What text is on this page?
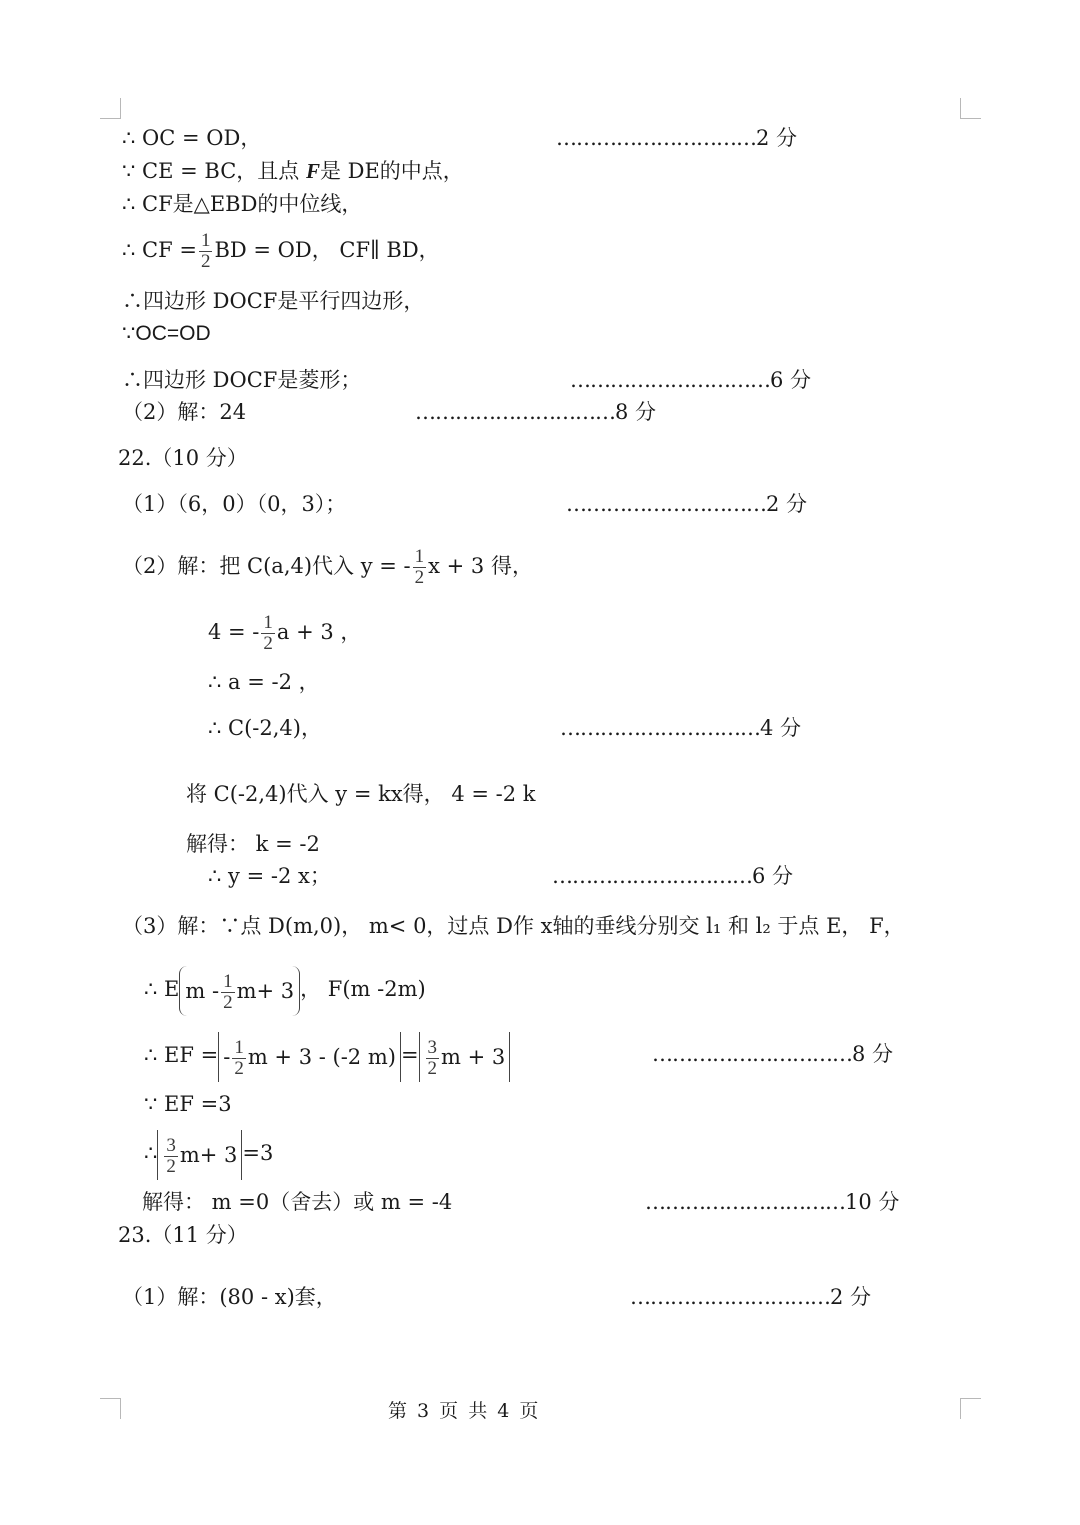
∴ OC = OD，
∵ CE = BC，且点 F是 DE的中点，
∴ CF是△EBD的中位线，
∴ CF = $\frac{1}{2}$ BD = OD， CF∥ BD，
∴四边形 DOCF是平行四边形，
∵OC=OD
∴四边形 DOCF是菱形；
（2）解：24
22.（10 分）
（1）（6，0）（0，3）；
（2）解：把 C(a,4)代入 y = - $\frac{1}{2}$ x + 3 得，
4 = - $\frac{1}{2}$ a + 3 ，
∴ a = -2 ，
∴ C(-2,4)，
将 C(-2,4)代入 y = kx得， 4 = -2 k
解得： k = -2
∴ y = -2 x；
（3）解：∵点 D(m,0)， m< 0，过点 D作 x轴的垂线分别交 l₁ 和 l₂ 于点 E， F，
∴ E $m - \frac{1}{2} m+ 3$ ， F(m -2m)
∴ EF = - $\frac{1}{2}$ m + 3 - (-2 $m) = \frac{3}{2}$ m + 3
∵ EF =3
∴ $\frac{3}{2} m+ 3 =3$
解得： m =0（舍去）或 m = -4
23.（11 分）
（1）解：(80 - x)套，
…………………………2 分
…………………………6 分
…………………………8 分
…………………………2 分
…………………………4 分
…………………………6 分
…………………………8 分
…………………………10 分
…………………………2 分
第 3 页 共 4 页
